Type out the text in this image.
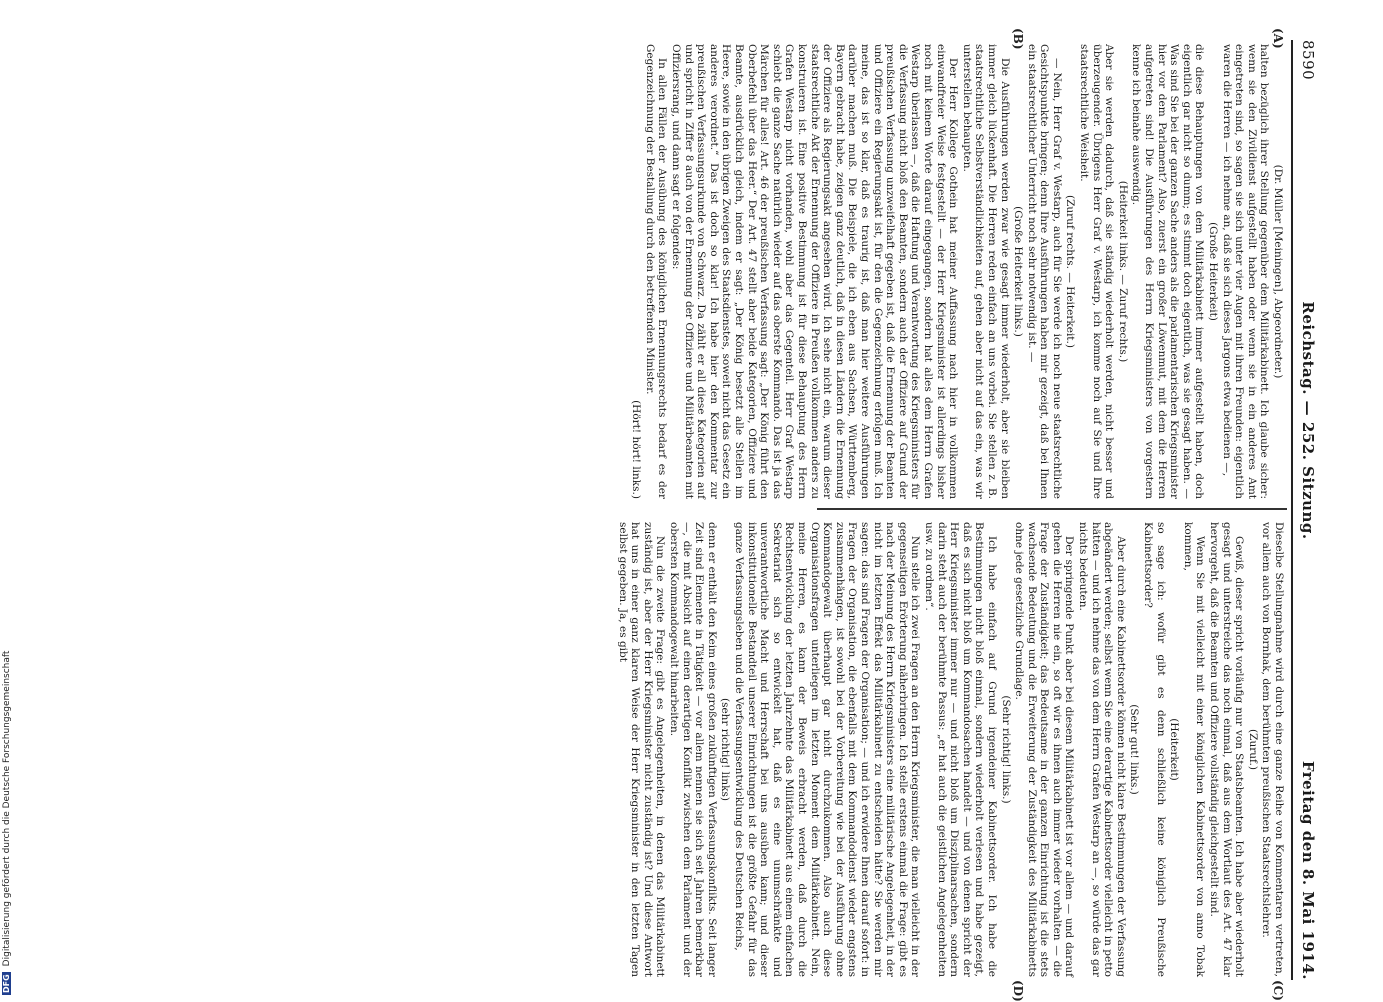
8590
Reichstag. — 252. Sitzung.
Freitag den 8. Mai 1914.

(Dr. Müller [Meiningen], Abgeordneter.)

halten bezüglich ihrer Stellung gegenüber dem Militärkabinett. Ich glaube sicher: wenn sie den Zivildienst aufgestellt haben oder wenn sie in ein anderes Amt eingetreten sind, so sagen sie sich unter vier Augen mit ihren Freunden: eigentlich waren die Herren — ich nehme an, daß sie sich dieses Jargons etwa bedienen —,

(Große Heiterkeit)

die diese Behauptungen von dem Militärkabinett immer aufgestellt haben, doch eigentlich gar nicht so dumm; es stimmt doch eigentlich, was sie gesagt haben. — Was sind Sie bei der ganzen Sache anders als die parlamentarischen Kriegsminister hier vor dem Parlament? Also, zuerst ein großer Löwenmut, mit dem die Herren aufgetreten sind! Die Ausführungen des Herrn Kriegsministers von vorgestern kenne ich beinahe auswendig.

(Heiterkeit links. — Zuruf rechts.)

Aber sie werden dadurch, daß sie ständig wiederholt werden, nicht besser und überzeugender. Übrigens Herr Graf v. Westarp, ich komme noch auf Sie und Ihre staatsrechtliche Weisheit.

(Zuruf rechts. — Heiterkeit.)

— Nein, Herr Graf v. Westarp, auch für Sie werde ich noch neue staatsrechtliche Gesichtspunkte bringen; denn Ihre Ausführungen haben mir gezeigt, daß bei Ihnen ein staatsrechtlicher Unterricht noch sehr notwendig ist. —

(Große Heiterkeit links.)

Die Ausführungen werden zwar wie gesagt immer wiederholt, aber sie bleiben immer gleich lückenhaft. Die Herren reden einfach an uns vorbei. Sie stellen z. B. staatsrechtliche Selbstverständlichkeiten auf, gehen aber nicht auf das ein, was wir unterstellen behaupten.

Der Herr Kollege Gothein hat meiner Auffassung nach hier in vollkommen einwandfreier Weise festgestellt — der Herr Kriegsminister ist allerdings bisher noch mit keinem Worte darauf eingegangen, sondern hat alles dem Herrn Grafen Westarp überlassen —, daß die Haftung und Verantwortung des Kriegsministers für die Verfassung nicht bloß den Beamten, sondern auch der Offiziere auf Grund der preußischen Verfassung unzweifelhaft gegeben ist, daß die Ernennung der Beamten und Offiziere ein Regierungsakt ist, für den die Gegenzeichnung erfolgen muß. Ich meine, das ist so klar, daß es traurig ist, daß man hier weitere Ausführungen darüber machen muß. Die Beispiele, die ich eben aus Sachsen, Württemberg, Bayern gebracht habe, zeigen ganz deutlich, daß in diesen Ländern die Ernennung der Offiziere als Regierungsakt angesehen wird. Ich sehe nicht ein, warum dieser staatsrechtliche Akt der Ernennung der Offiziere in Preußen vollkommen anders zu konstruieren ist. Eine positive Bestimmung ist für diese Behauptung des Herrn Grafen Westarp nicht vorhanden, wohl aber das Gegenteil. Herr Graf Westarp schiebt die ganze Sache natürlich wieder auf das oberste Kommando. Das ist ja das Märchen für alles! Art. 46 der preußischen Verfassung sagt: „Der König führt den Oberbefehl über das Heer.“ Der Art. 47 stellt aber beide Kategorien, Offiziere und Beamte, ausdrücklich gleich, indem er sagt: „Der König besetzt alle Stellen im Heere, sowie in den übrigen Zweigen des Staatsdienstes, soweit nicht das Gesetz ein anderes verordnet.“ Das ist doch so klar! Ich habe hier den Kommentar zur preußischen Verfassungsurkunde von Schwarz. Da zählt er all diese Kategorien auf und spricht in Ziffer 8 auch von der Ernennung der Offiziere und Militärbeamten mit Offiziersrang, und dann sagt er folgendes:

In allen Fällen der Ausübung des königlichen Ernennungsrechts bedarf es der Gegenzeichnung der Bestallung durch den betreffenden Minister.

(Hört! hört! links.)

Dieselbe Stellungnahme wird durch eine ganze Reihe von Kommentaren vertreten, vor allem auch von Bornhak, dem berühmten preußischen Staatsrechtslehrer.

(Zuruf.)

Gewiß, dieser spricht vorläufig nur von Staatsbeamten. Ich habe aber wiederholt gesagt und unterstreiche das noch einmal, daß aus dem Wortlaut des Art. 47 klar hervorgeht, daß die Beamten und Offiziere vollständig gleichgestellt sind.

Wenn Sie mit vielleicht mit einer königlichen Kabinettsorder von anno Tobak kommen,

(Heiterkeit)

so sage ich: wofür gibt es denn schließlich keine königlich Preußische Kabinettsorder?

(Sehr gut! links.)

Aber durch eine Kabinettsorder können nicht klare Bestimmungen der Verfassung abgeändert werden; selbst wenn Sie eine derartige Kabinettsorder vielleicht in petto hätten — und ich nehme das von dem Herrn Grafen Westarp an —, so würde das gar nichts bedeuten.

Der springende Punkt aber bei diesem Militärkabinett ist vor allem — und darauf gehen die Herren nie ein, so oft wir es ihnen auch immer wieder vorhalten — die Frage der Zuständigkeit; das Bedeutsame in der ganzen Einrichtung ist die stets wachsende Bedeutung und die Erweiterung der Zuständigkeit des Militärkabinetts ohne jede gesetzliche Grundlage.

(Sehr richtig! links.)

Ich habe einfach auf Grund irgendeiner Kabinettsorder. Ich habe die Bestimmungen nicht bloß einmal, sondern wiederholt verlesen und habe gezeigt, daß es sich nicht bloß um Kommandosachen handelt — und von denen spricht der Herr Kriegsminister immer nur — und nicht bloß um Disziplinarsachen, sondern darin steht auch der berühmte Passus: „er hat auch die geistlichen Angelegenheiten usw. zu ordnen“.

Nun stelle ich zwei Fragen an den Herrn Kriegsminister, die man vielleicht in der gegenseitigen Erörterung näherbringen. Ich stelle erstens einmal die Frage: gibt es nach der Meinung des Herrn Kriegsministers eine militärische Angelegenheit, in der nicht im letzten Effekt das Militärkabinett zu entscheiden hätte? Sie werden mir sagen: das sind Fragen der Organisation; — und ich erwidere Ihnen darauf sofort: in Fragen der Organisation, die ebenfalls mit dem Kommandodienst wieder engstens zusammenhängen, ist sowohl bei der Vorbereitung wie bei der Ausführung ohne Kommandogewalt überhaupt gar nicht durchzukommen. Also auch diese Organisationsfragen unterliegen im letzten Moment dem Militärkabinett. Nein, meine Herren, es kann der Beweis erbracht werden, daß durch die Rechtsentwicklung der letzten Jahrzehnte das Militärkabinett aus einem einfachen Sekretariat sich so entwickelt hat, daß es eine unumschränkte und unverantwortliche Macht und Herrschaft bei uns ausüben kann; und dieser inkonstitutionelle Bestandteil unserer Einrichtungen ist die größte Gefahr für das ganze Verfassungsleben und die Verfassungsentwicklung des Deutschen Reichs,

(sehr richtig! links)

denn er enthält den Keim eines großen zukünftigen Verfassungskonflikts. Seit langer Zeit sind Elemente in Tätigkeit — vor allem nennen sie sich seit Jahren bemerkbar —, die mit Absicht auf einen derartigen Konflikt zwischen dem Parlament und der obersten Kommandogewalt hinarbeiten.

Nun die zweite Frage: gibt es Angelegenheiten, in denen das Militärkabinett zuständig ist, aber der Herr Kriegsminister nicht zuständig ist? Und diese Antwort hat uns in einer ganz klaren Weise der Herr Kriegsminister in den letzten Tagen selbst gegeben. Ja, es gibt

(A)
(B)
(C)
(D)
DFGDigitalisierung gefördert durch die Deutsche Forschungsgemeinschaft
